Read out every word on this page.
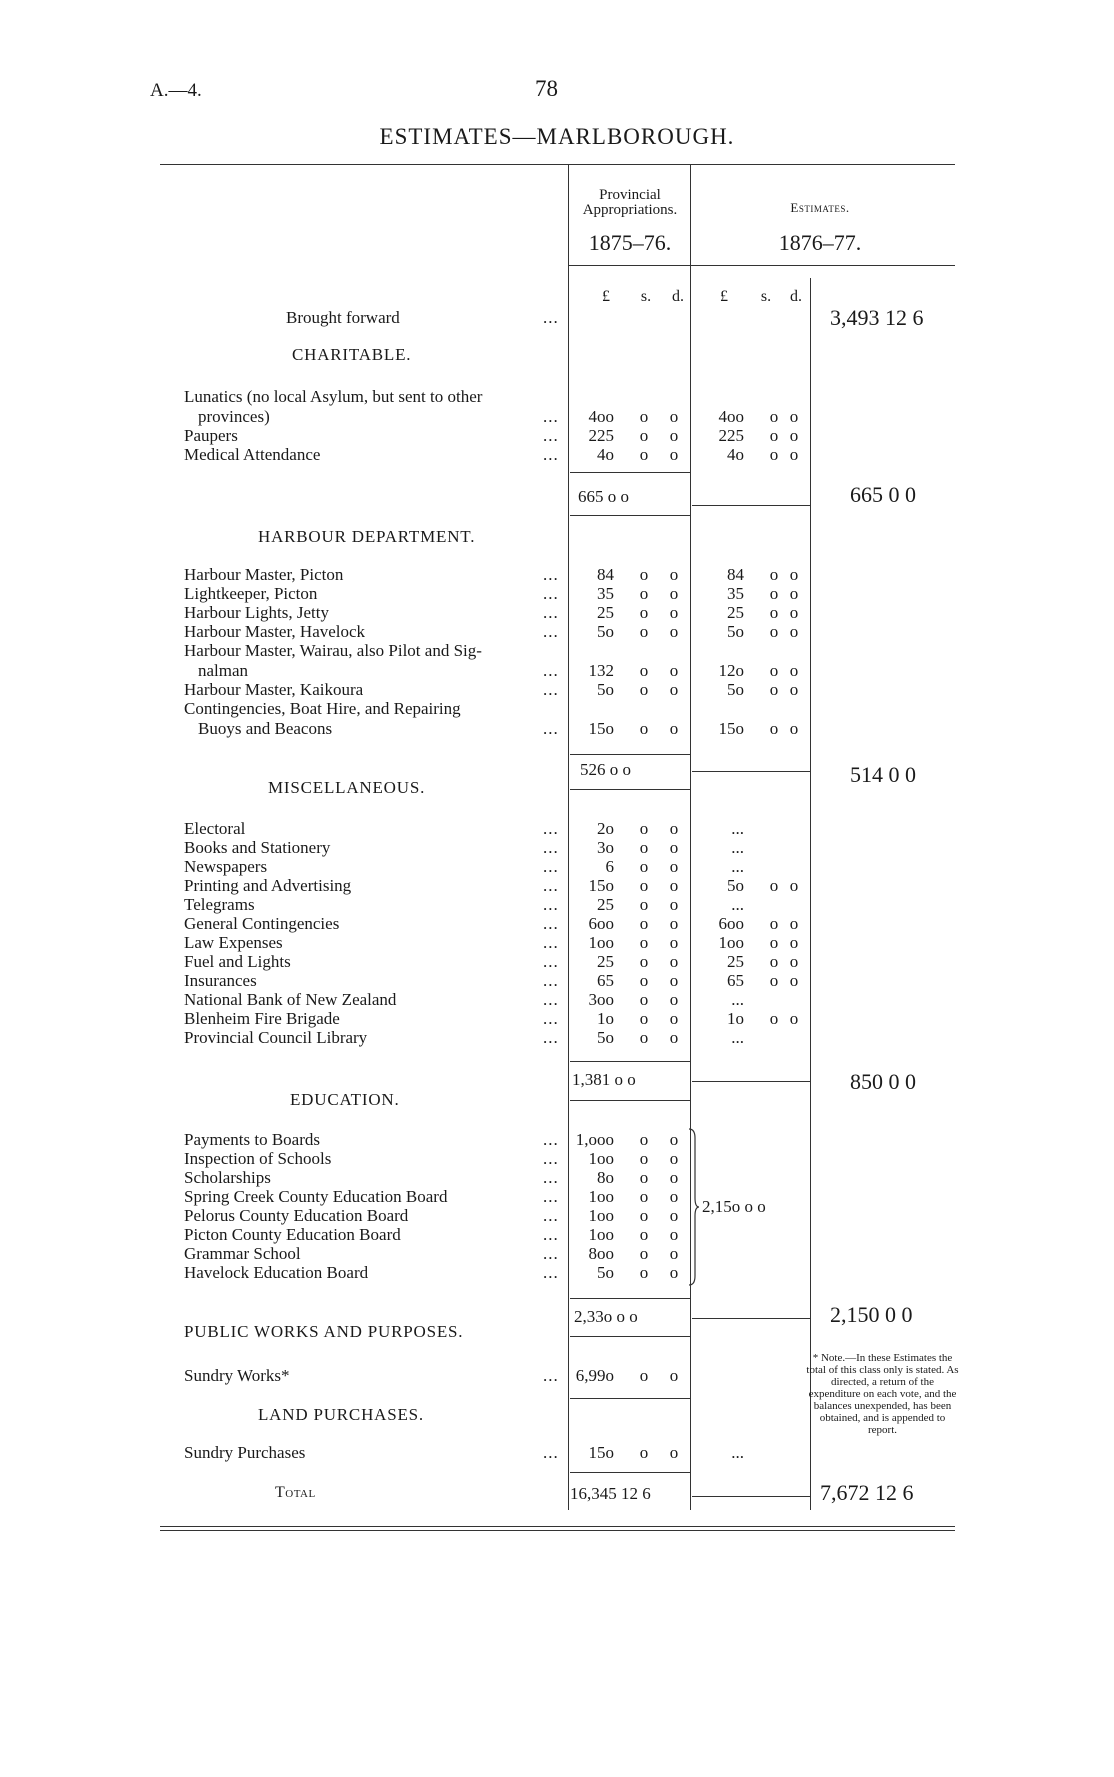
A.—4.	78
ESTIMATES—MARLBOROUGH.
Provincial Appropriations.
1875–76.
Estimates.
1876–77.
£	s.	d.	£	s.	d.
Brought forward	...	3,493 12 6
CHARITABLE.
Lunatics (no local Asylum, but sent to other
provinces)	...	4oo o o	4oo o o
Paupers	...	225 o o	225 o o
Medical Attendance	...	4o o o	4o o o
665 o o	665 0 0
HARBOUR DEPARTMENT.
Harbour Master, Picton	...	84 o o	84 o o
Lightkeeper, Picton	...	35 o o	35 o o
Harbour Lights, Jetty	...	25 o o	25 o o
Harbour Master, Havelock	...	5o o o	5o o o
Harbour Master, Wairau, also Pilot and Sig-
nalman	...	132 o o	12o o o
Harbour Master, Kaikoura	...	5o o o	5o o o
Contingencies, Boat Hire, and Repairing
Buoys and Beacons	...	15o o o	15o o o
526 o o	514 0 0
MISCELLANEOUS.
Electoral	...	2o o o	...
Books and Stationery	...	3o o o	...
Newspapers	...	6 o o	...
Printing and Advertising	...	15o o o	5o o o
Telegrams	...	25 o o	...
General Contingencies	...	6oo o o	6oo o o
Law Expenses	...	1oo o o	1oo o o
Fuel and Lights	...	25 o o	25 o o
Insurances	...	65 o o	65 o o
National Bank of New Zealand	...	3oo o o	...
Blenheim Fire Brigade	...	1o o o	1o o o
Provincial Council Library	...	5o o o	...
1,381 o o	850 0 0
EDUCATION.
Payments to Boards	...	1,ooo o o
Inspection of Schools	...	1oo o o
Scholarships	...	8o o o
Spring Creek County Education Board	...	1oo o o
Pelorus County Education Board	...	1oo o o
Picton County Education Board	...	1oo o o
Grammar School	...	8oo o o
Havelock Education Board	...	5o o o
2,15o o o
2,33o o o	2,150 0 0
PUBLIC WORKS AND PURPOSES.
Sundry Works*	...	6,99o o o
LAND PURCHASES.
Sundry Purchases	...	15o o o	...
* Note.—In these Estimates the total of this class only is stated. As directed, a return of the expenditure on each vote, and the balances unexpended, has been obtained, and is appended to report.
Total	16,345 12 6	7,672 12 6
